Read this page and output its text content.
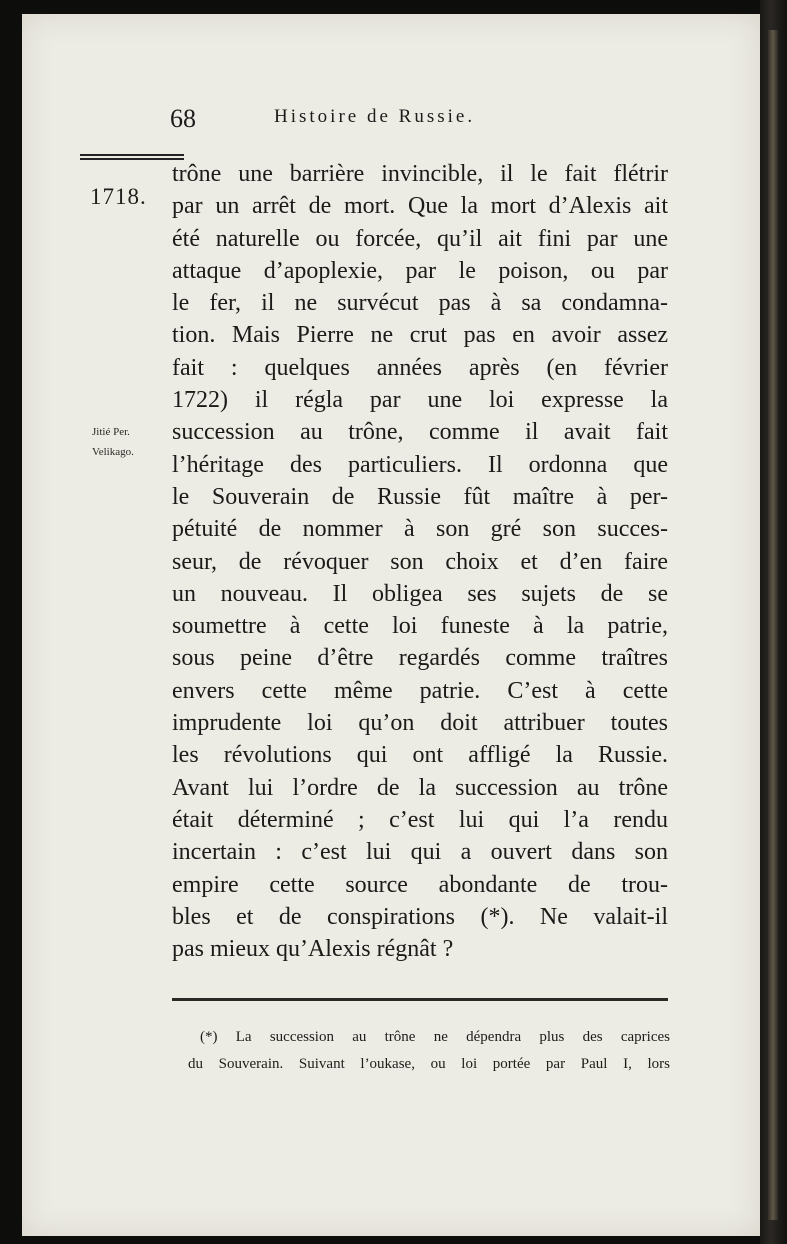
68	Histoire de Russie.
1718.
Jitié Per.
Velikago.
trône une barrière invincible, il le fait flétrir
par un arrêt de mort. Que la mort d’Alexis ait
été naturelle ou forcée, qu’il ait fini par une
attaque d’apoplexie, par le poison, ou par
le fer, il ne survécut pas à sa condamna-
tion. Mais Pierre ne crut pas en avoir assez
fait : quelques années après (en février
1722) il régla par une loi expresse la
succession au trône, comme il avait fait
l’héritage des particuliers. Il ordonna que
le Souverain de Russie fût maître à per-
pétuité de nommer à son gré son succes-
seur, de révoquer son choix et d’en faire
un nouveau. Il obligea ses sujets de se
soumettre à cette loi funeste à la patrie,
sous peine d’être regardés comme traîtres
envers cette même patrie. C’est à cette
imprudente loi qu’on doit attribuer toutes
les révolutions qui ont affligé la Russie.
Avant lui l’ordre de la succession au trône
était déterminé ; c’est lui qui l’a rendu
incertain : c’est lui qui a ouvert dans son
empire cette source abondante de trou-
bles et de conspirations (*). Ne valait-il
pas mieux qu’Alexis régnât ?
(*) La succession au trône ne dépendra plus des caprices
du Souverain. Suivant l’oukase, ou loi portée par Paul I, lors
